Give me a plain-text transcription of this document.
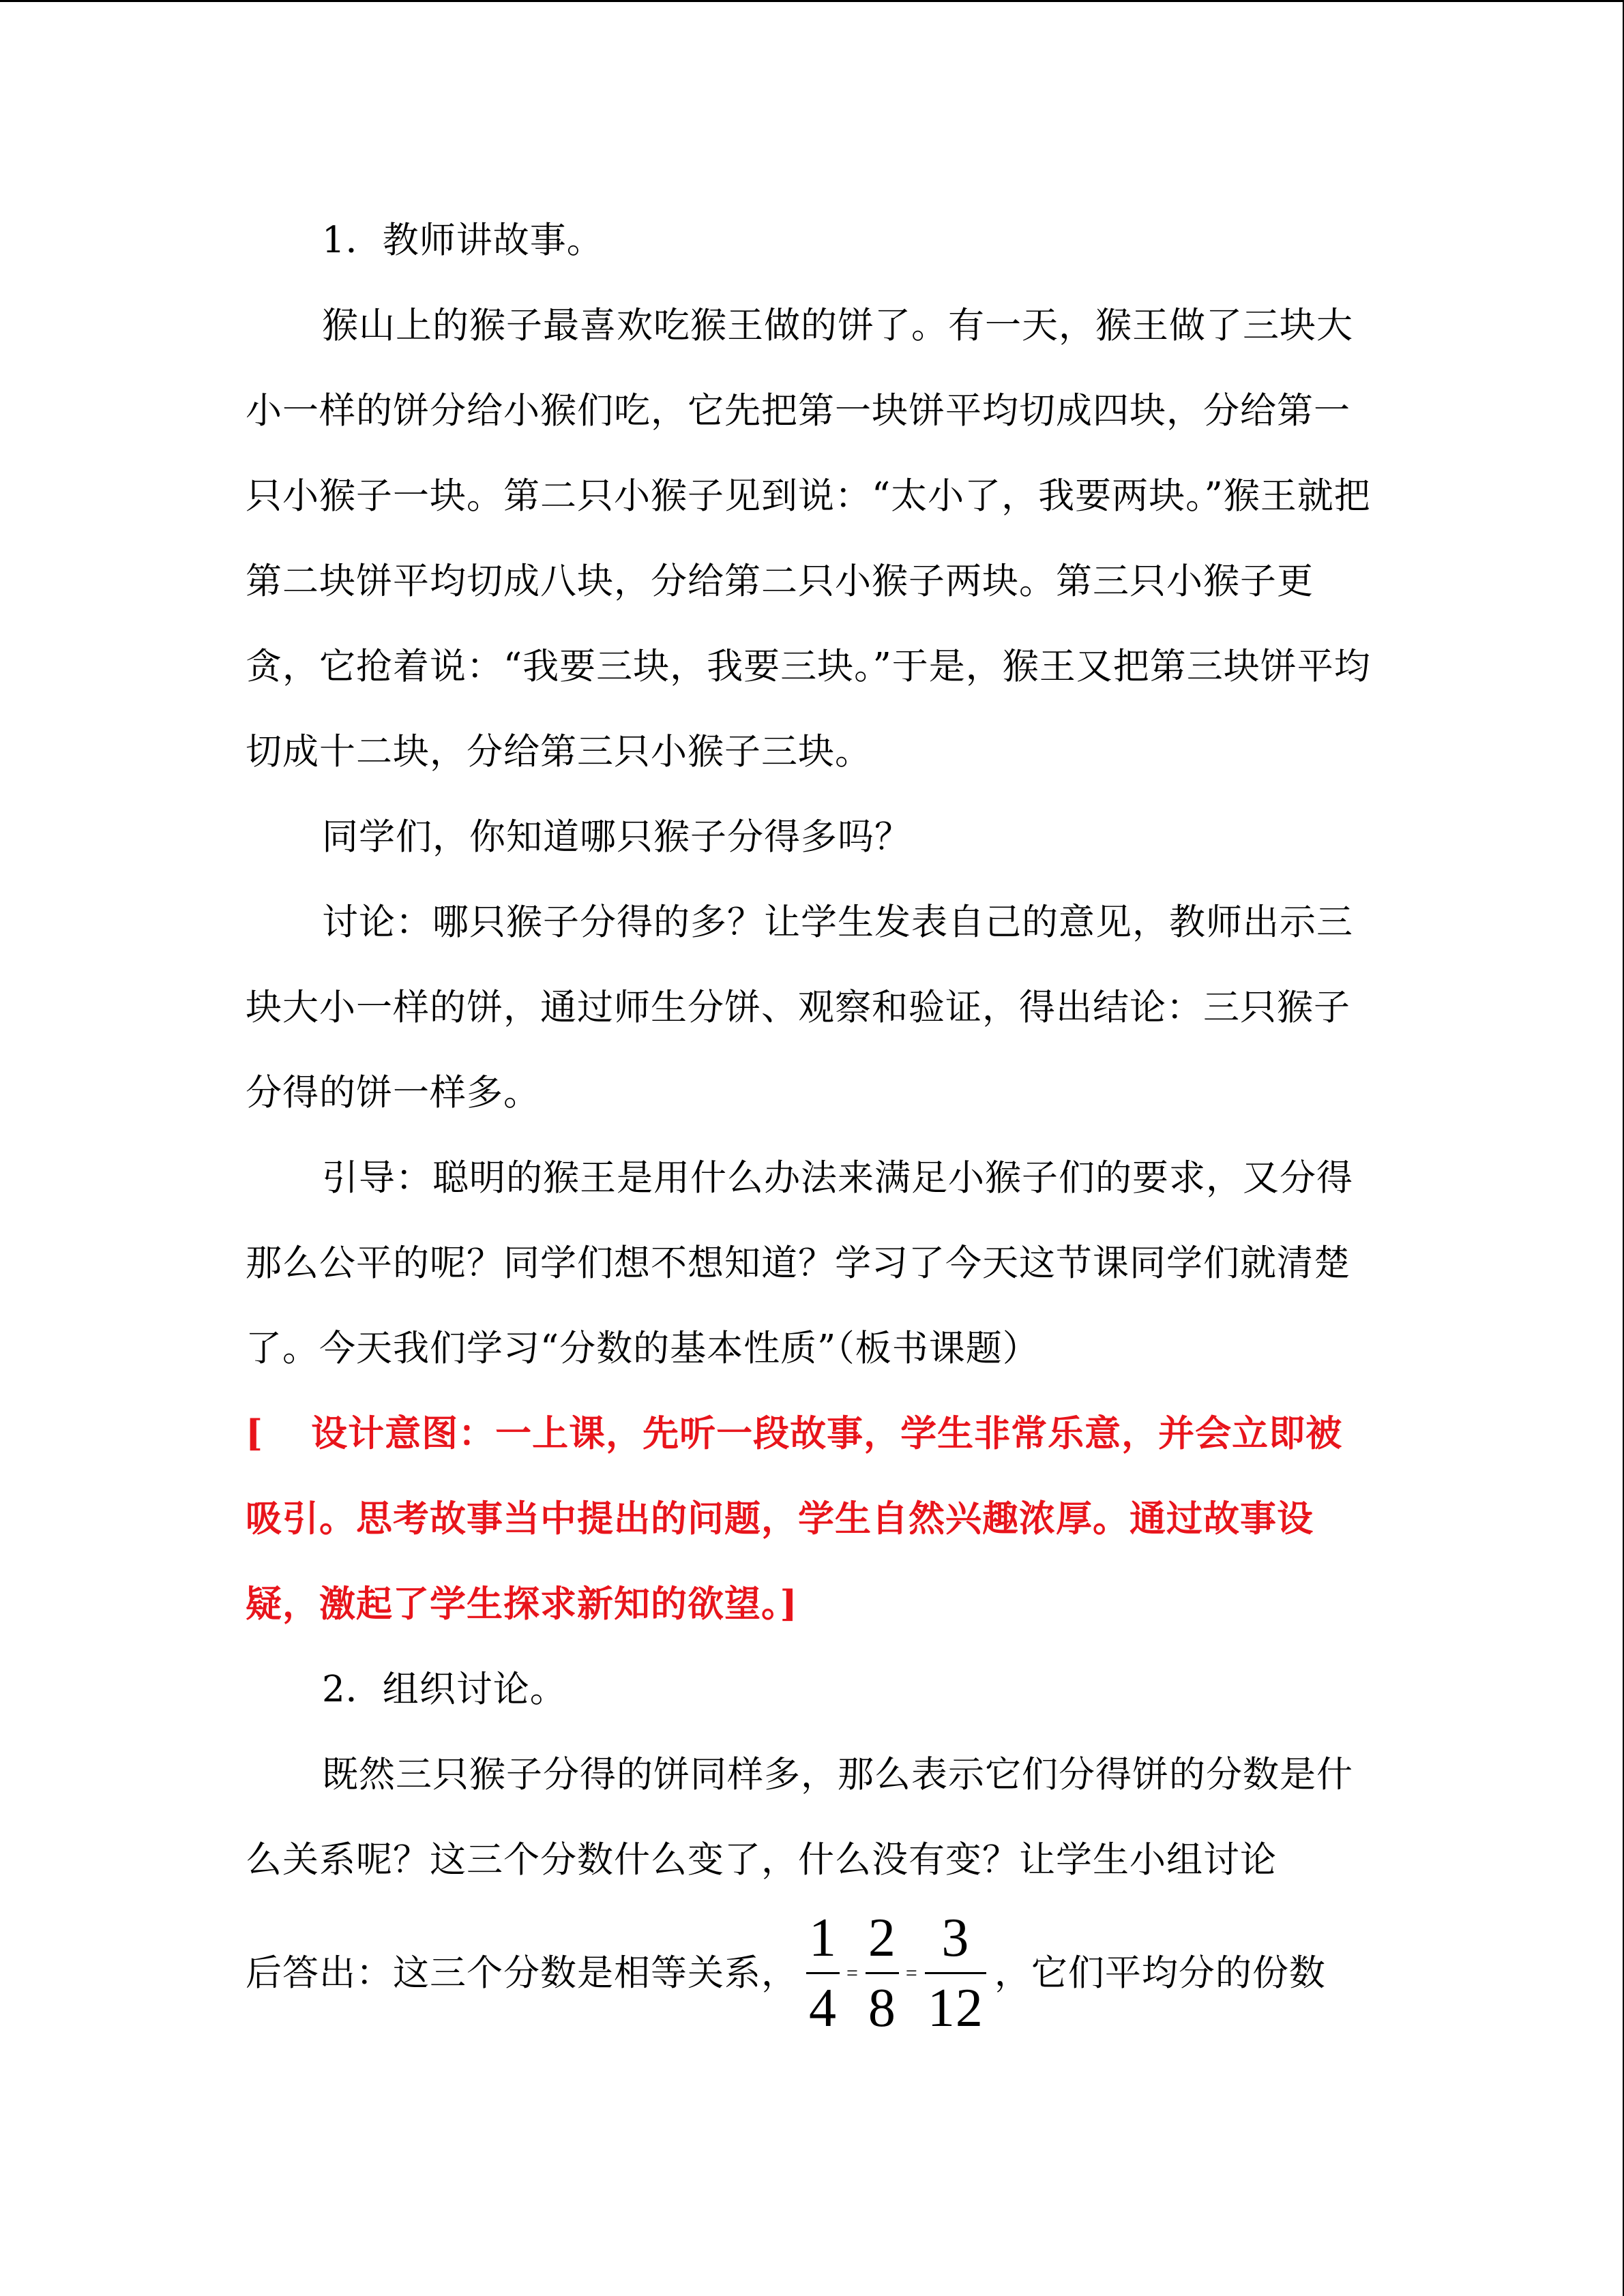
1．教师讲故事。

猴山上的猴子最喜欢吃猴王做的饼了。有一天，猴王做了三块大小一样的饼分给小猴们吃，它先把第一块饼平均切成四块，分给第一只小猴子一块。第二只小猴子见到说：“太小了，我要两块。”猴王就把第二块饼平均切成八块，分给第二只小猴子两块。第三只小猴子更贪，它抢着说：“我要三块，我要三块。”于是，猴王又把第三块饼平均切成十二块，分给第三只小猴子三块。

同学们，你知道哪只猴子分得多吗？

讨论：哪只猴子分得的多？让学生发表自己的意见，教师出示三块大小一样的饼，通过师生分饼、观察和验证，得出结论：三只猴子分得的饼一样多。

引导：聪明的猴王是用什么办法来满足小猴子们的要求，又分得那么公平的呢？同学们想不想知道？学习了今天这节课同学们就清楚了。今天我们学习“分数的基本性质”（板书课题）

[ 设计意图：一上课，先听一段故事，学生非常乐意，并会立即被吸引。思考故事当中提出的问题，学生自然兴趣浓厚。通过故事设疑，激起了学生探求新知的欲望。]

2．组织讨论。

既然三只猴子分得的饼同样多，那么表示它们分得饼的分数是什么关系呢？这三个分数什么变了，什么没有变？让学生小组讨论

后答出：这三个分数是相等关系， $\frac{1}{4} = \frac{2}{8} = \frac{3}{12}$ ，它们平均分的份数
